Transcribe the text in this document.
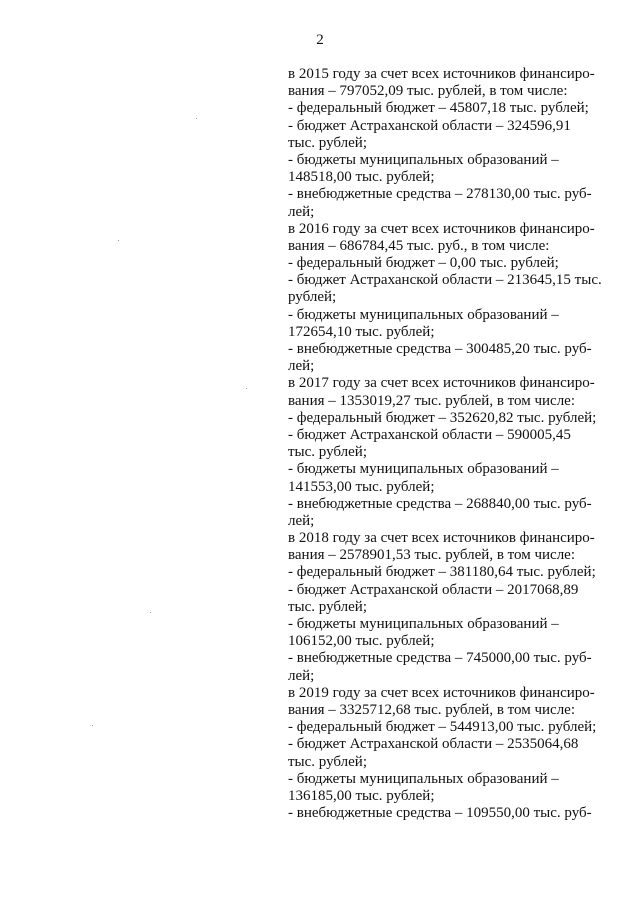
2
в 2015 году за счет всех источников финансиро-
вания – 797052,09 тыс. рублей, в том числе:
- федеральный бюджет – 45807,18 тыс. рублей;
- бюджет Астраханской области – 324596,91
тыс. рублей;
- бюджеты муниципальных образований –
148518,00 тыс. рублей;
- внебюджетные средства – 278130,00 тыс. руб-
лей;
в 2016 году за счет всех источников финансиро-
вания – 686784,45 тыс. руб., в том числе:
- федеральный бюджет – 0,00 тыс. рублей;
- бюджет Астраханской области – 213645,15 тыс.
рублей;
- бюджеты муниципальных образований –
172654,10 тыс. рублей;
- внебюджетные средства – 300485,20 тыс. руб-
лей;
в 2017 году за счет всех источников финансиро-
вания – 1353019,27 тыс. рублей, в том числе:
- федеральный бюджет – 352620,82 тыс. рублей;
- бюджет Астраханской области – 590005,45
тыс. рублей;
- бюджеты муниципальных образований –
141553,00 тыс. рублей;
- внебюджетные средства – 268840,00 тыс. руб-
лей;
в 2018 году за счет всех источников финансиро-
вания – 2578901,53 тыс. рублей, в том числе:
- федеральный бюджет – 381180,64 тыс. рублей;
- бюджет Астраханской области – 2017068,89
тыс. рублей;
- бюджеты муниципальных образований –
106152,00 тыс. рублей;
- внебюджетные средства – 745000,00 тыс. руб-
лей;
в 2019 году за счет всех источников финансиро-
вания – 3325712,68 тыс. рублей, в том числе:
- федеральный бюджет – 544913,00 тыс. рублей;
- бюджет Астраханской области – 2535064,68
тыс. рублей;
- бюджеты муниципальных образований –
136185,00 тыс. рублей;
- внебюджетные средства – 109550,00 тыс. руб-
